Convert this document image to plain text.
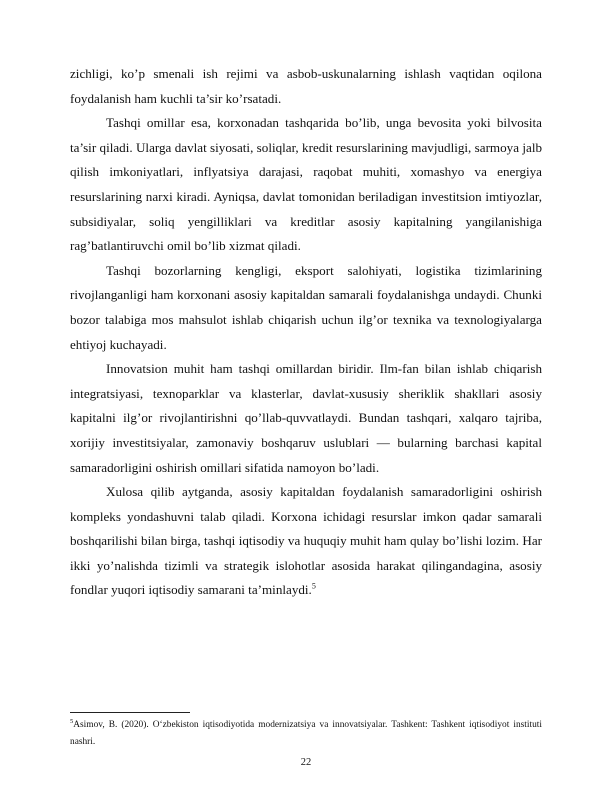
zichligi, ko’p smenali ish rejimi va asbob-uskunalarning ishlash vaqtidan oqilona foydalanish ham kuchli ta’sir ko’rsatadi.

Tashqi omillar esa, korxonadan tashqarida bo’lib, unga bevosita yoki bilvosita ta’sir qiladi. Ularga davlat siyosati, soliqlar, kredit resurslarining mavjudligi, sarmoya jalb qilish imkoniyatlari, inflyatsiya darajasi, raqobat muhiti, xomashyo va energiya resurslarining narxi kiradi. Ayniqsa, davlat tomonidan beriladigan investitsion imtiyozlar, subsidiyalar, soliq yengilliklari va kreditlar asosiy kapitalning yangilanishiga rag’batlantiruvchi omil bo’lib xizmat qiladi.

Tashqi bozorlarning kengligi, eksport salohiyati, logistika tizimlarining rivojlanganligi ham korxonani asosiy kapitaldan samarali foydalanishga undaydi. Chunki bozor talabiga mos mahsulot ishlab chiqarish uchun ilg’or texnika va texnologiyalarga ehtiyoj kuchayadi.

Innovatsion muhit ham tashqi omillardan biridir. Ilm-fan bilan ishlab chiqarish integratsiyasi, texnoparklar va klasterlar, davlat-xususiy sheriklik shakllari asosiy kapitalni ilg’or rivojlantirishni qo’llab-quvvatlaydi. Bundan tashqari, xalqaro tajriba, xorijiy investitsiyalar, zamonaviy boshqaruv uslublari — bularning barchasi kapital samaradorligini oshirish omillari sifatida namoyon bo’ladi.

Xulosa qilib aytganda, asosiy kapitaldan foydalanish samaradorligini oshirish kompleks yondashuvni talab qiladi. Korxona ichidagi resurslar imkon qadar samarali boshqarilishi bilan birga, tashqi iqtisodiy va huquqiy muhit ham qulay bo’lishi lozim. Har ikki yo’nalishda tizimli va strategik islohotlar asosida harakat qilingandagina, asosiy fondlar yuqori iqtisodiy samarani ta’minlaydi.$^5$

$^5$Asimov, B. (2020). O‘zbekiston iqtisodiyotida modernizatsiya va innovatsiyalar. Tashkent: Tashkent iqtisodiyot instituti nashri.
22
